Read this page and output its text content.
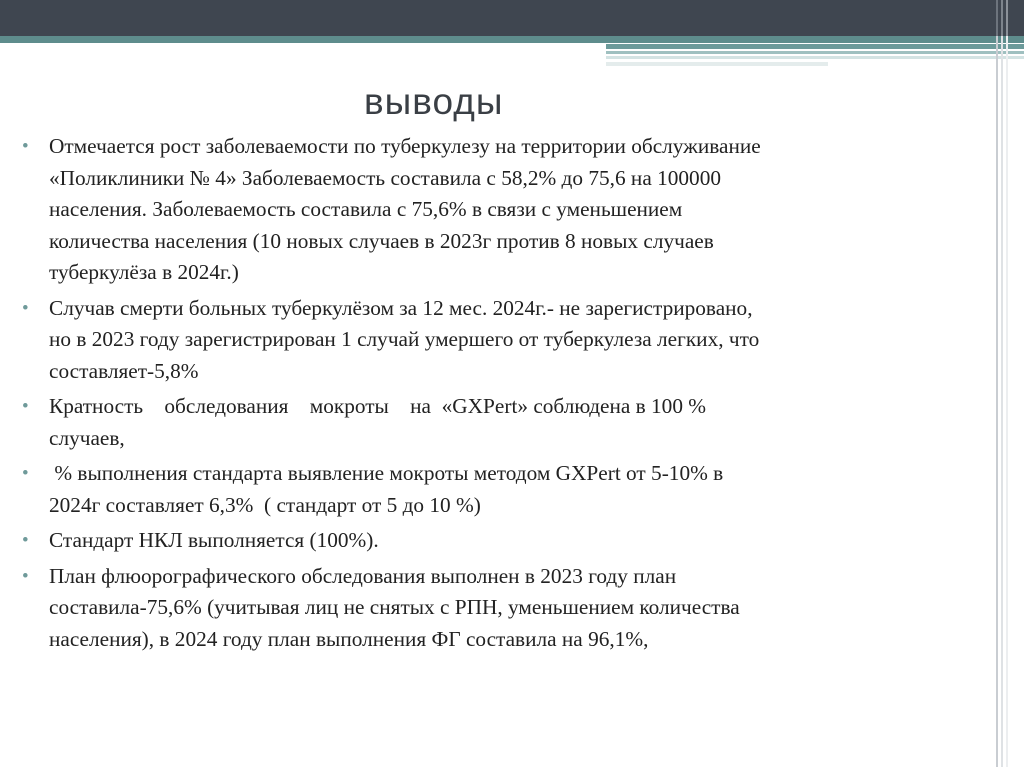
выводы
• Отмечается рост заболеваемости по туберкулезу на территории обслуживание
«Поликлиники № 4» Заболеваемость составила с 58,2% до 75,6 на 100000
населения. Заболеваемость составила с 75,6% в связи с уменьшением
количества населения (10 новых случаев в 2023г против 8 новых случаев
туберкулёза в 2024г.)
• Случав смерти больных туберкулёзом за 12 мес. 2024г.- не зарегистрировано,
но в 2023 году зарегистрирован 1 случай умершего от туберкулеза легких, что
составляет-5,8%
• Кратность    обследования    мокроты    на  «GXPert» соблюдена в 100 %
случаев,
• % выполнения стандарта выявление мокроты методом GXPert от 5-10% в
2024г составляет 6,3%  ( стандарт от 5 до 10 %)
• Стандарт НКЛ выполняется (100%).
• План флюорографического обследования выполнен в 2023 году план
составила-75,6% (учитывая лиц не снятых с РПН, уменьшением количества
населения), в 2024 году план выполнения ФГ составила на 96,1%,
